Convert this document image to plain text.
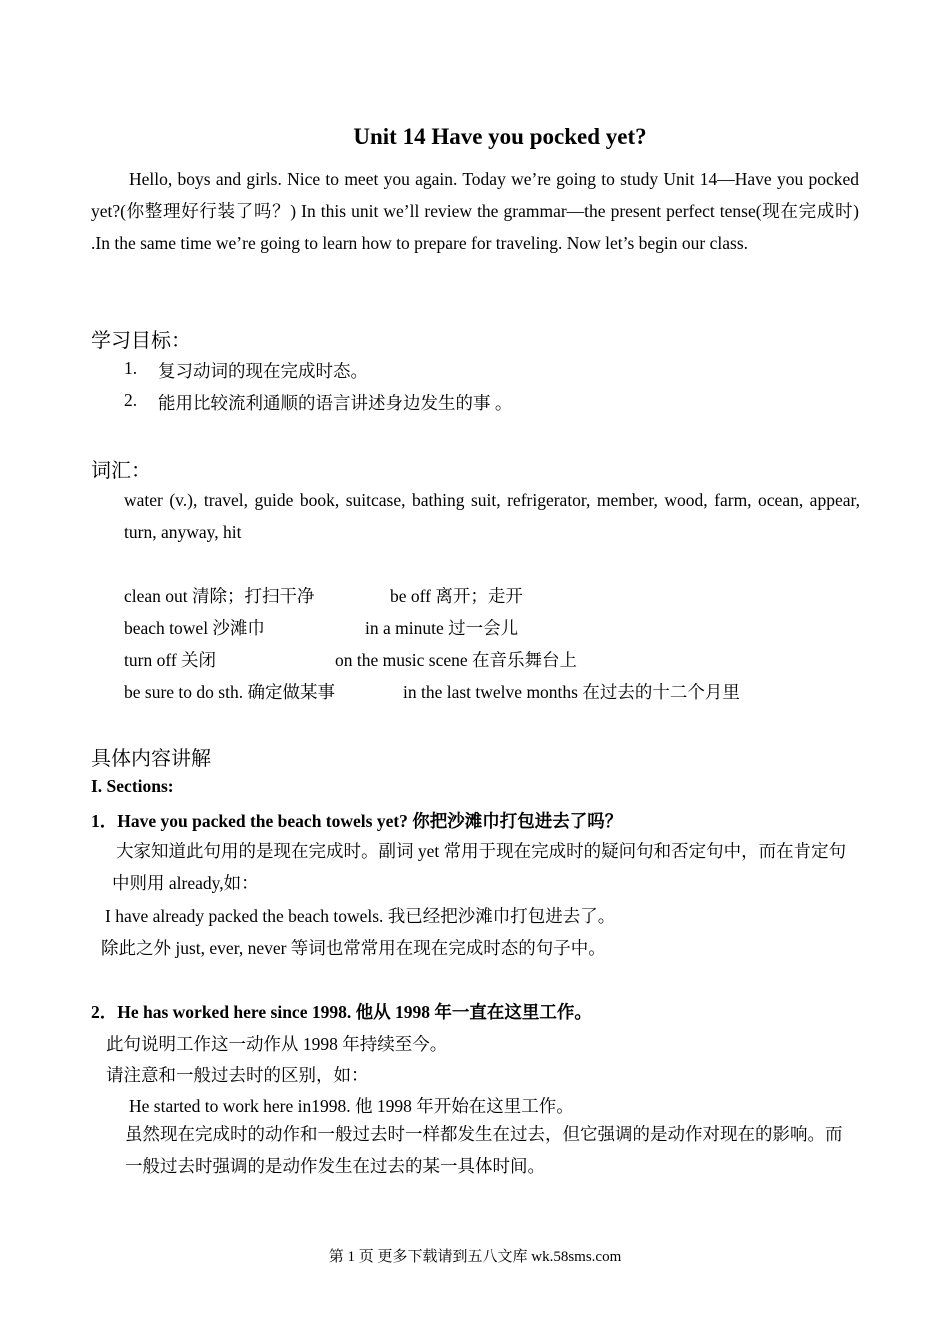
Unit 14 Have you pocked yet?
Hello, boys and girls. Nice to meet you again. Today we’re going to study Unit 14—Have you pocked yet?(你整理好行装了吗？) In this unit we’ll review the grammar—the present perfect tense(现在完成时) .In the same time we’re going to learn how to prepare for traveling. Now let’s begin our class.
学习目标：
1. 复习动词的现在完成时态。
2. 能用比较流利通顺的语言讲述身边发生的事 。
词汇：
water (v.), travel, guide book, suitcase, bathing suit, refrigerator, member, wood, farm, ocean, appear, turn, anyway, hit
clean out 清除；打扫干净	be off 离开；走开
beach towel 沙滩巾	in a minute 过一会儿
turn off 关闭	on the music scene 在音乐舞台上
be sure to do sth. 确定做某事	in the last twelve months 在过去的十二个月里
具体内容讲解
I. Sections:
1．Have you packed the beach towels yet? 你把沙滩巾打包进去了吗？
大家知道此句用的是现在完成时。副词 yet 常用于现在完成时的疑问句和否定句中，而在肯定句中则用 already,如：
I have already packed the beach towels. 我已经把沙滩巾打包进去了。
除此之外 just, ever, never 等词也常常用在现在完成时态的句子中。
2．He has worked here since 1998. 他从 1998 年一直在这里工作。
此句说明工作这一动作从 1998 年持续至今。
请注意和一般过去时的区别，如：
He started to work here in1998. 他 1998 年开始在这里工作。
虽然现在完成时的动作和一般过去时一样都发生在过去，但它强调的是动作对现在的影响。而一般过去时强调的是动作发生在过去的某一具体时间。
第 1 页 更多下载请到五八文库 wk.58sms.com
